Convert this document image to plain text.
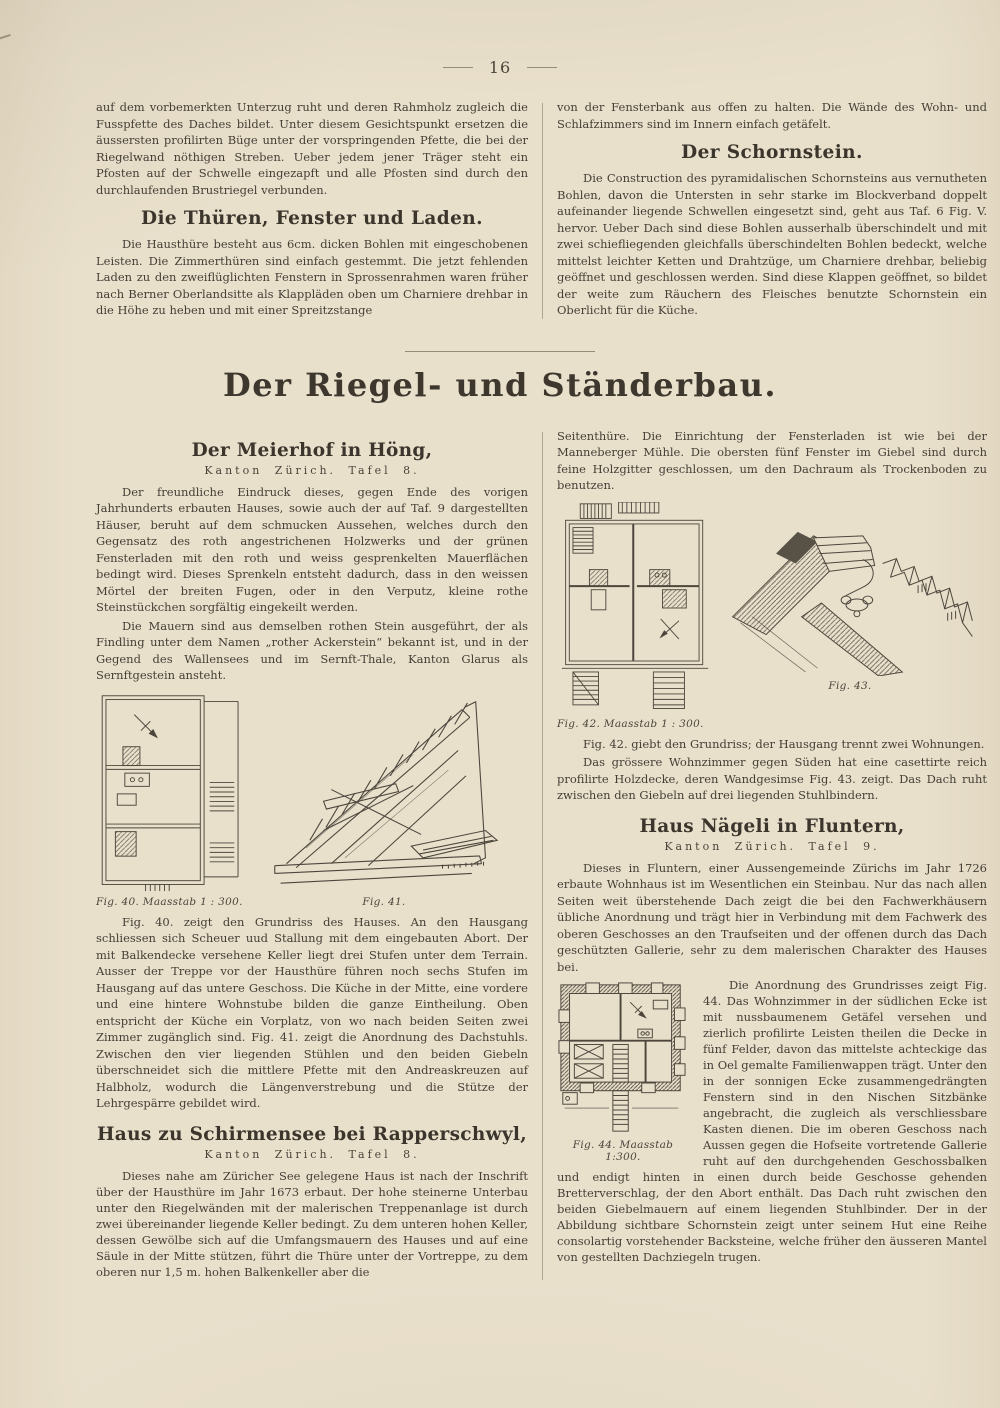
16

auf dem vorbemerkten Unterzug ruht und deren Rahmholz zugleich die Fusspfette des Daches bildet. Unter diesem Gesichtspunkt ersetzen die äussersten profilirten Büge unter der vorspringenden Pfette, die bei der Riegelwand nöthigen Streben. Ueber jedem jener Träger steht ein Pfosten auf der Schwelle eingezapft und alle Pfosten sind durch den durchlaufenden Brustriegel verbunden.

Die Thüren, Fenster und Laden.

Die Hausthüre besteht aus 6cm. dicken Bohlen mit eingeschobenen Leisten. Die Zimmerthüren sind einfach gestemmt. Die jetzt fehlenden Laden zu den zweiflüglichten Fenstern in Sprossenrahmen waren früher nach Berner Oberlandsitte als Klappläden oben um Charniere drehbar in die Höhe zu heben und mit einer Spreitzstange

von der Fensterbank aus offen zu halten. Die Wände des Wohn- und Schlafzimmers sind im Innern einfach getäfelt.

Der Schornstein.

Die Construction des pyramidalischen Schornsteins aus vernutheten Bohlen, davon die Untersten in sehr starke im Blockverband doppelt aufeinander liegende Schwellen eingesetzt sind, geht aus Taf. 6 Fig. V. hervor. Ueber Dach sind diese Bohlen ausserhalb überschindelt und mit zwei schiefliegenden gleichfalls überschindelten Bohlen bedeckt, welche mittelst leichter Ketten und Drahtzüge, um Charniere drehbar, beliebig geöffnet und geschlossen werden. Sind diese Klappen geöffnet, so bildet der weite zum Räuchern des Fleisches benutzte Schornstein ein Oberlicht für die Küche.

Der Riegel- und Ständerbau.
Der Meierhof in Höng,
Kanton Zürich. Tafel 8.

Der freundliche Eindruck dieses, gegen Ende des vorigen Jahrhunderts erbauten Hauses, sowie auch der auf Taf. 9 dargestellten Häuser, beruht auf dem schmucken Aussehen, welches durch den Gegensatz des roth angestrichenen Holzwerks und der grünen Fensterladen mit den roth und weiss gesprenkelten Mauerflächen bedingt wird. Dieses Sprenkeln entsteht dadurch, dass in den weissen Mörtel der breiten Fugen, oder in den Verputz, kleine rothe Steinstückchen sorgfältig eingekeilt werden.

Die Mauern sind aus demselben rothen Stein ausgeführt, der als Findling unter dem Namen „rother Ackerstein“ bekannt ist, und in der Gegend des Wallensees und im Sernft-Thale, Kanton Glarus als Sernftgestein ansteht.

Fig. 40. Maasstab 1 : 300.	Fig. 41.

Fig. 40. zeigt den Grundriss des Hauses. An den Hausgang schliessen sich Scheuer uud Stallung mit dem eingebauten Abort. Der mit Balkendecke versehene Keller liegt drei Stufen unter dem Terrain. Ausser der Treppe vor der Hausthüre führen noch sechs Stufen im Hausgang auf das untere Geschoss. Die Küche in der Mitte, eine vordere und eine hintere Wohnstube bilden die ganze Eintheilung. Oben entspricht der Küche ein Vorplatz, von wo nach beiden Seiten zwei Zimmer zugänglich sind. Fig. 41. zeigt die Anordnung des Dachstuhls. Zwischen den vier liegenden Stühlen und den beiden Giebeln überschneidet sich die mittlere Pfette mit den Andreaskreuzen auf Halbholz, wodurch die Längenverstrebung und die Stütze der Lehrgespärre gebildet wird.

Haus zu Schirmensee bei Rapperschwyl,
Kanton Zürich. Tafel 8.

Dieses nahe am Züricher See gelegene Haus ist nach der Inschrift über der Hausthüre im Jahr 1673 erbaut. Der hohe steinerne Unterbau unter den Riegelwänden mit der malerischen Treppenanlage ist durch zwei übereinander liegende Keller bedingt. Zu dem unteren hohen Keller, dessen Gewölbe sich auf die Umfangsmauern des Hauses und auf eine Säule in der Mitte stützen, führt die Thüre unter der Vortreppe, zu dem oberen nur 1,5 m. hohen Balkenkeller aber die

Seitenthüre. Die Einrichtung der Fensterladen ist wie bei der Manneberger Mühle. Die obersten fünf Fenster im Giebel sind durch feine Holzgitter geschlossen, um den Dachraum als Trockenboden zu benutzen.

Fig. 42. Maasstab 1 : 300.
Fig. 43.

Fig. 42. giebt den Grundriss; der Hausgang trennt zwei Wohnungen.

Das grössere Wohnzimmer gegen Süden hat eine casettirte reich profilirte Holzdecke, deren Wandgesimse Fig. 43. zeigt. Das Dach ruht zwischen den Giebeln auf drei liegenden Stuhlbindern.

Haus Nägeli in Fluntern,
Kanton Zürich. Tafel 9.

Dieses in Fluntern, einer Aussengemeinde Zürichs im Jahr 1726 erbaute Wohnhaus ist im Wesentlichen ein Steinbau. Nur das nach allen Seiten weit überstehende Dach zeigt die bei den Fachwerkhäusern übliche Anordnung und trägt hier in Verbindung mit dem Fachwerk des oberen Geschosses an den Traufseiten und der offenen durch das Dach geschützten Gallerie, sehr zu dem malerischen Charakter des Hauses bei.

Fig. 44. Maasstab 1:300.

Die Anordnung des Grundrisses zeigt Fig. 44. Das Wohnzimmer in der südlichen Ecke ist mit nussbaumenem Getäfel versehen und zierlich profilirte Leisten theilen die Decke in fünf Felder, davon das mittelste achteckige das in Oel gemalte Familienwappen trägt. Unter den in der sonnigen Ecke zusammengedrängten Fenstern sind in den Nischen Sitzbänke angebracht, die zugleich als verschliessbare Kasten dienen. Die im oberen Geschoss nach Aussen gegen die Hofseite vortretende Gallerie ruht auf den durchgehenden Geschossbalken und endigt hinten in einen durch beide Geschosse gehenden Bretterverschlag, der den Abort enthält. Das Dach ruht zwischen den beiden Giebelmauern auf einem liegenden Stuhlbinder. Der in der Abbildung sichtbare Schornstein zeigt unter seinem Hut eine Reihe consolartig vorstehender Backsteine, welche früher den äusseren Mantel von gestellten Dachziegeln trugen.
